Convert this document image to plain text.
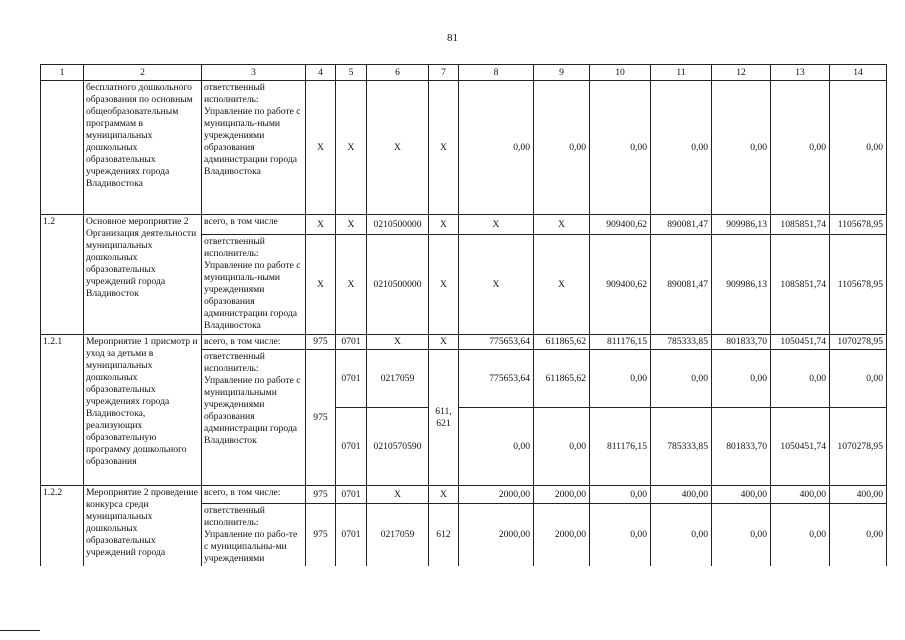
81
1	2	3	4	5	6	7	8	9	10	11	12	13	14
	бесплатного дошкольного образования по основным общеобразовательным программам в муниципальных дошкольных образовательных учреждениях города Владивостока	ответственный исполнитель: Управление по работе с муниципаль-ными учреждениями образования администрации города Владивостока	Х	Х	Х	Х	0,00	0,00	0,00	0,00	0,00	0,00	0,00
1.2	Основное мероприятие 2 Организация деятельности муниципальных дошкольных образовательных учреждений города Владивосток	всего, в том числе	Х	Х	0210500000	Х	Х	Х	909400,62	890081,47	909986,13	1085851,74	1105678,95
		ответственный исполнитель: Управление по работе с муниципаль-ными учреждениями образования администрации города Владивостока	Х	Х	0210500000	Х	Х	Х	909400,62	890081,47	909986,13	1085851,74	1105678,95
1.2.1	Мероприятие 1 присмотр и уход за детьми в муниципальных дошкольных образовательных учреждениях города Владивостока, реализующих образовательную программу дошкольного образования	всего, в том числе:	975	0701	Х	Х	775653,64	611865,62	811176,15	785333,85	801833,70	1050451,74	1070278,95
		ответственный исполнитель: Управление по работе с муниципальными учреждениями образования администрации города Владивосток	975	0701	0217059	611, 621	775653,64	611865,62	0,00	0,00	0,00	0,00	0,00
				0701	0210570590		0,00	0,00	811176,15	785333,85	801833,70	1050451,74	1070278,95
1.2.2	Мероприятие 2 проведение конкурса среди муниципальных дошкольных образовательных учреждений города	всего, в том числе:	975	0701	Х	Х	2000,00	2000,00	0,00	400,00	400,00	400,00	400,00
		ответственный исполнитель: Управление по рабо-те с муниципальны-ми учреждениями	975	0701	0217059	612	2000,00	2000,00	0,00	0,00	0,00	0,00	0,00
